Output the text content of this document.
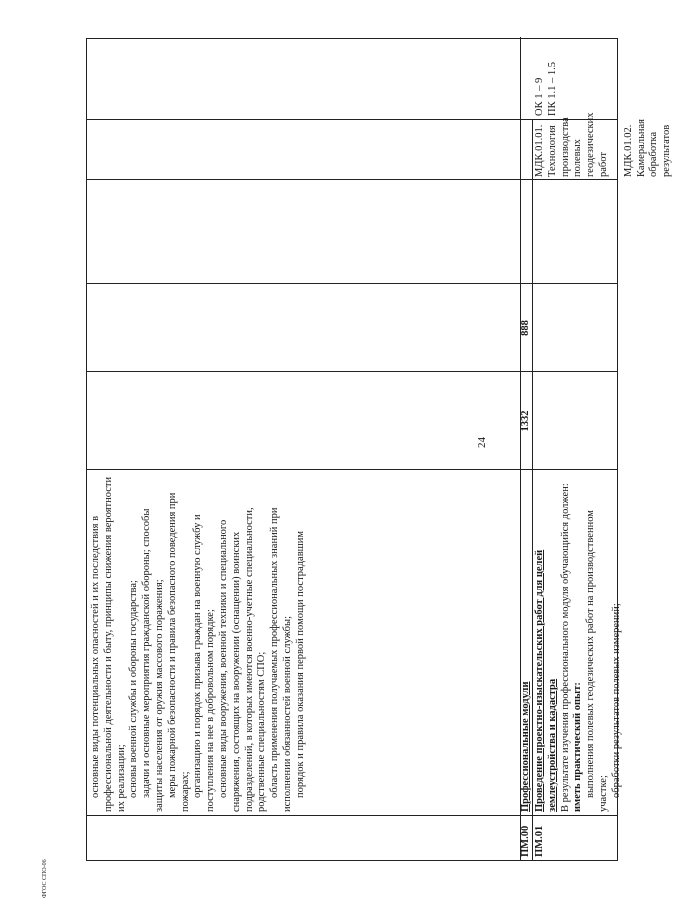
24
ФГОС СПО-06

основные виды потенциальных опасностей и их последствия в профессиональной деятельности и быту, принципы снижения вероятности их реализации; основы военной службы и обороны государства; задачи и основные мероприятия гражданской обороны; способы защиты населения от оружия массового поражения; меры пожарной безопасности и правила безопасного поведения при пожарах; организацию и порядок призыва граждан на военную службу и поступления на нее в добровольном порядке; основные виды вооружения, военной техники и специального снаряжения, состоящих на вооружении (оснащении) воинских подразделений, в которых имеются военно-учетные специальности, родственные специальностям СПО; область применения получаемых профессиональных знаний при исполнении обязанностей военной службы; порядок и правила оказания первой помощи пострадавшим

ПМ.00
Профессиональные модули
1332
888
ПМ.01

Проведение проектно-изыскательских работ для целей землеустройства и кадастра В результате изучения профессионального модуля обучающийся должен: иметь практический опыт: выполнения полевых геодезических работ на производственном участке; обработки результатов полевых измерений;

МДК.01.01. Технология производства полевых геодезических работ МДК.01.02. Камеральная обработка результатов

ОК 1 – 9 ПК 1.1 – 1.5
